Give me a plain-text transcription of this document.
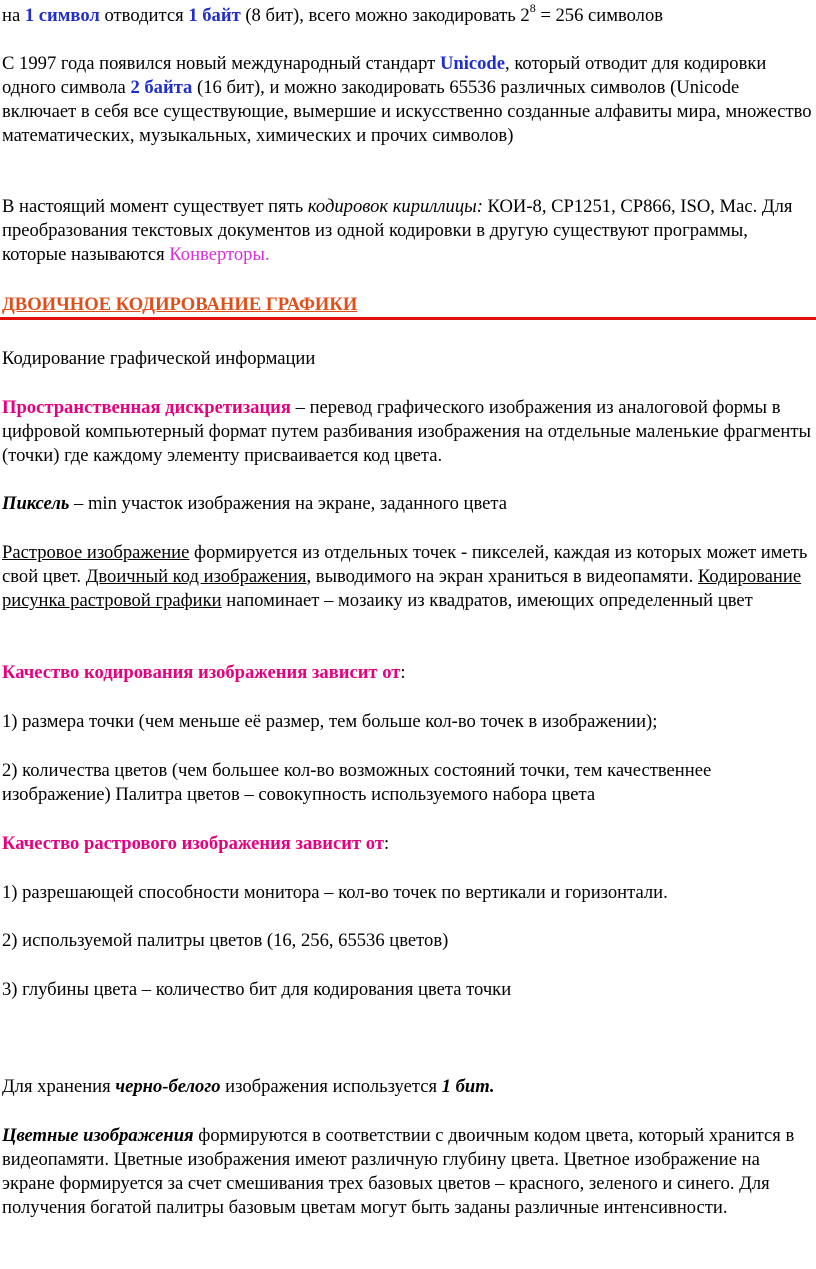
на 1 символ отводится 1 байт (8 бит), всего можно закодировать $2^8 = 256$ символов

С 1997 года появился новый международный стандарт Unicode, который отводит для кодировки одного символа 2 байта (16 бит), и можно закодировать 65536 различных символов (Unicode включает в себя все существующие, вымершие и искусственно созданные алфавиты мира, множество математических, музыкальных, химических и прочих символов)

В настоящий момент существует пять кодировок кириллицы: КОИ-8, СР1251, СР866, ISO, Mac. Для преобразования текстовых документов из одной кодировки в другую существуют программы, которые называются Конверторы.

ДВОИЧНОЕ КОДИРОВАНИЕ ГРАФИКИ

Кодирование графической информации

Пространственная дискретизация – перевод графического изображения из аналоговой формы в цифровой компьютерный формат путем разбивания изображения на отдельные маленькие фрагменты (точки) где каждому элементу присваивается код цвета.

Пиксель – min участок изображения на экране, заданного цвета

Растровое изображение формируется из отдельных точек - пикселей, каждая из которых может иметь свой цвет. Двоичный код изображения, выводимого на экран храниться в видеопамяти. Кодирование рисунка растровой графики напоминает – мозаику из квадратов, имеющих определенный цвет

Качество кодирования изображения зависит от:

1) размера точки (чем меньше её размер, тем больше кол-во точек в изображении);

2) количества цветов (чем большее кол-во возможных состояний точки, тем качественнее изображение) Палитра цветов – совокупность используемого набора цвета

Качество растрового изображения зависит от:

1) разрешающей способности монитора – кол-во точек по вертикали и горизонтали.

2) используемой палитры цветов (16, 256, 65536 цветов)

3) глубины цвета – количество бит для кодирования цвета точки

Для хранения черно-белого изображения используется 1 бит.

Цветные изображения формируются в соответствии с двоичным кодом цвета, который хранится в видеопамяти. Цветные изображения имеют различную глубину цвета. Цветное изображение на экране формируется за счет смешивания трех базовых цветов – красного, зеленого и синего. Для получения богатой палитры базовым цветам могут быть заданы различные интенсивности.
